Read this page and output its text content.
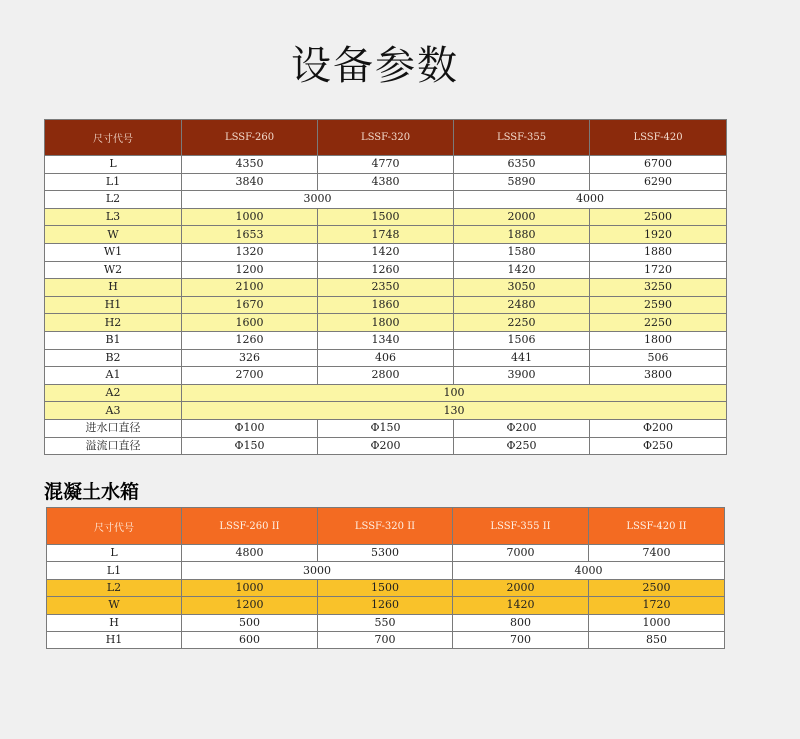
设备参数
尺寸代号	LSSF-260	LSSF-320	LSSF-355	LSSF-420
L	4350	4770	6350	6700
L1	3840	4380	5890	6290
L2	3000		4000	
L3	1000	1500	2000	2500
W	1653	1748	1880	1920
W1	1320	1420	1580	1880
W2	1200	1260	1420	1720
H	2100	2350	3050	3250
H1	1670	1860	2480	2590
H2	1600	1800	2250	2250
B1	1260	1340	1506	1800
B2	326	406	441	506
A1	2700	2800	3900	3800
A2	100			
A3	130			
进水口直径	Φ100	Φ150	Φ200	Φ200
溢流口直径	Φ150	Φ200	Φ250	Φ250
混凝土水箱
尺寸代号	LSSF-260 II	LSSF-320 II	LSSF-355 II	LSSF-420 II
L	4800	5300	7000	7400
L1	3000		4000	
L2	1000	1500	2000	2500
W	1200	1260	1420	1720
H	500	550	800	1000
H1	600	700	700	850
